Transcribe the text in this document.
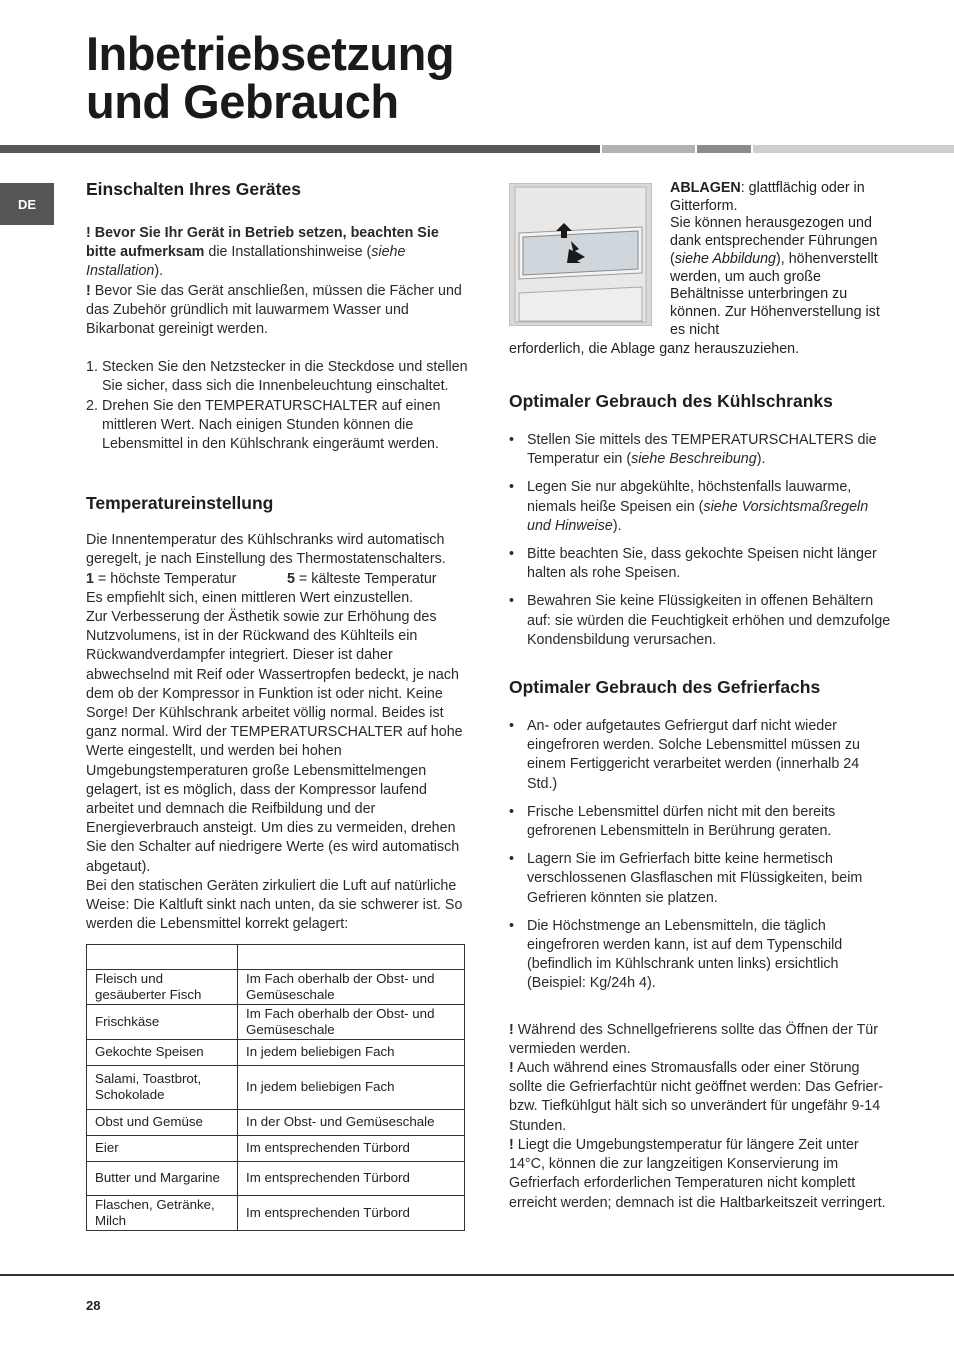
Inbetriebsetzung
und Gebrauch
DE
Einschalten Ihres Gerätes

! Bevor Sie Ihr Gerät in Betrieb setzen, beachten Sie bitte aufmerksam die Installationshinweise (siehe Installation).

! Bevor Sie das Gerät anschließen, müssen die Fächer und das Zubehör gründlich mit lauwarmem Wasser und Bikarbonat gereinigt werden.

1. Stecken Sie den Netzstecker in die Steckdose und stellen Sie sicher, dass sich die Innenbeleuchtung einschaltet.
2. Drehen Sie den TEMPERATURSCHALTER auf einen mittleren Wert. Nach einigen Stunden können die Lebensmittel in den Kühlschrank eingeräumt werden.
Temperatureinstellung

Die Innentemperatur des Kühlschranks wird automatisch geregelt, je nach Einstellung des Thermostatenschalters.

1 = höchste Temperatur	5 = kälteste Temperatur

Es empfiehlt sich, einen mittleren Wert einzustellen.

Zur Verbesserung der Ästhetik sowie zur Erhöhung des Nutzvolumens, ist in der Rückwand des Kühlteils ein Rückwandverdampfer integriert. Dieser ist daher abwechselnd mit Reif oder Wassertropfen bedeckt, je nach dem ob der Kompressor in Funktion ist oder nicht. Keine Sorge! Der Kühlschrank arbeitet völlig normal. Beides ist ganz normal. Wird der TEMPERATURSCHALTER auf hohe Werte eingestellt, und werden bei hohen Umgebungstemperaturen große Lebensmittelmengen gelagert, ist es möglich, dass der Kompressor laufend arbeitet und demnach die Reifbildung und der Energieverbrauch ansteigt. Um dies zu vermeiden, drehen Sie den Schalter auf niedrigere Werte (es wird automatisch abgetaut).

Bei den statischen Geräten zirkuliert die Luft auf natürliche Weise: Die Kaltluft sinkt nach unten, da sie schwerer ist. So werden die Lebensmittel korrekt gelagert:

Fleisch und gesäuberter Fisch	Im Fach oberhalb der Obst- und Gemüseschale
Frischkäse	Im Fach oberhalb der Obst- und Gemüseschale
Gekochte Speisen	In jedem beliebigen Fach
Salami, Toastbrot, Schokolade	In jedem beliebigen Fach
Obst und Gemüse	In der Obst- und Gemüseschale
Eier	Im entsprechenden Türbord
Butter und Margarine	Im entsprechenden Türbord
Flaschen, Getränke, Milch	Im entsprechenden Türbord

ABLAGEN: glattflächig oder in Gitterform.

Sie können herausgezogen und dank entsprechender Führungen (siehe Abbildung), höhenverstellt werden, um auch große Behältnisse unterbringen zu können. Zur Höhenverstellung ist es nicht

erforderlich, die Ablage ganz herauszuziehen.
Optimaler Gebrauch des Kühlschranks
• Stellen Sie mittels des TEMPERATURSCHALTERS die Temperatur ein (siehe Beschreibung).
• Legen Sie nur abgekühlte, höchstenfalls lauwarme, niemals heiße Speisen ein (siehe Vorsichtsmaßregeln und Hinweise).
• Bitte beachten Sie, dass gekochte Speisen nicht länger halten als rohe Speisen.
• Bewahren Sie keine Flüssigkeiten in offenen Behältern auf: sie würden die Feuchtigkeit erhöhen und demzufolge Kondensbildung verursachen.
Optimaler Gebrauch des Gefrierfachs
• An- oder aufgetautes Gefriergut darf nicht wieder eingefroren werden. Solche Lebensmittel müssen zu einem Fertiggericht verarbeitet werden (innerhalb 24 Std.)
• Frische Lebensmittel dürfen nicht mit den bereits gefrorenen Lebensmitteln in Berührung geraten.
• Lagern Sie im Gefrierfach bitte keine hermetisch verschlossenen Glasflaschen mit Flüssigkeiten, beim Gefrieren könnten sie platzen.
• Die Höchstmenge an Lebensmitteln, die täglich eingefroren werden kann, ist auf dem Typenschild (befindlich im Kühlschrank unten links) ersichtlich (Beispiel: Kg/24h 4).

! Während des Schnellgefrierens sollte das Öffnen der Tür vermieden werden.

! Auch während eines Stromausfalls oder einer Störung sollte die Gefrierfachtür nicht geöffnet werden: Das Gefrier- bzw. Tiefkühlgut hält sich so unverändert für ungefähr 9-14 Stunden.

! Liegt die Umgebungstemperatur für längere Zeit unter 14°C, können die zur langzeitigen Konservierung im Gefrierfach erforderlichen Temperaturen nicht komplett erreicht werden; demnach ist die Haltbarkeitszeit verringert.

28
